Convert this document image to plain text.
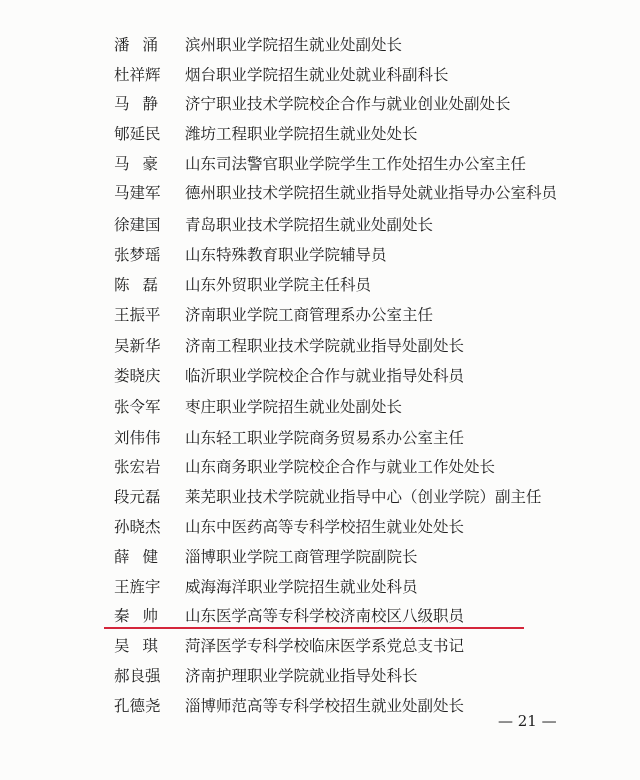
潘涌 滨州职业学院招生就业处副处长
杜祥辉	烟台职业学院招生就业处就业科副科长
马静 济宁职业技术学院校企合作与就业创业处副处长
郇延民	潍坊工程职业学院招生就业处处长
马豪 山东司法警官职业学院学生工作处招生办公室主任
马建军	德州职业技术学院招生就业指导处就业指导办公室科员
徐建国	青岛职业技术学院招生就业处副处长
张梦瑶	山东特殊教育职业学院辅导员
陈磊 山东外贸职业学院主任科员
王振平	济南职业学院工商管理系办公室主任
吴新华	济南工程职业技术学院就业指导处副处长
娄晓庆	临沂职业学院校企合作与就业指导处科员
张令军	枣庄职业学院招生就业处副处长
刘伟伟	山东轻工职业学院商务贸易系办公室主任
张宏岩	山东商务职业学院校企合作与就业工作处处长
段元磊	莱芜职业技术学院就业指导中心（创业学院）副主任
孙晓杰	山东中医药高等专科学校招生就业处处长
薛健 淄博职业学院工商管理学院副院长
王旌宇	威海海洋职业学院招生就业处科员
秦帅 山东医学高等专科学校济南校区八级职员
吴琪 菏泽医学专科学校临床医学系党总支书记
郝良强	济南护理职业学院就业指导处科长
孔德尧	淄博师范高等专科学校招生就业处副处长
— 21 —
